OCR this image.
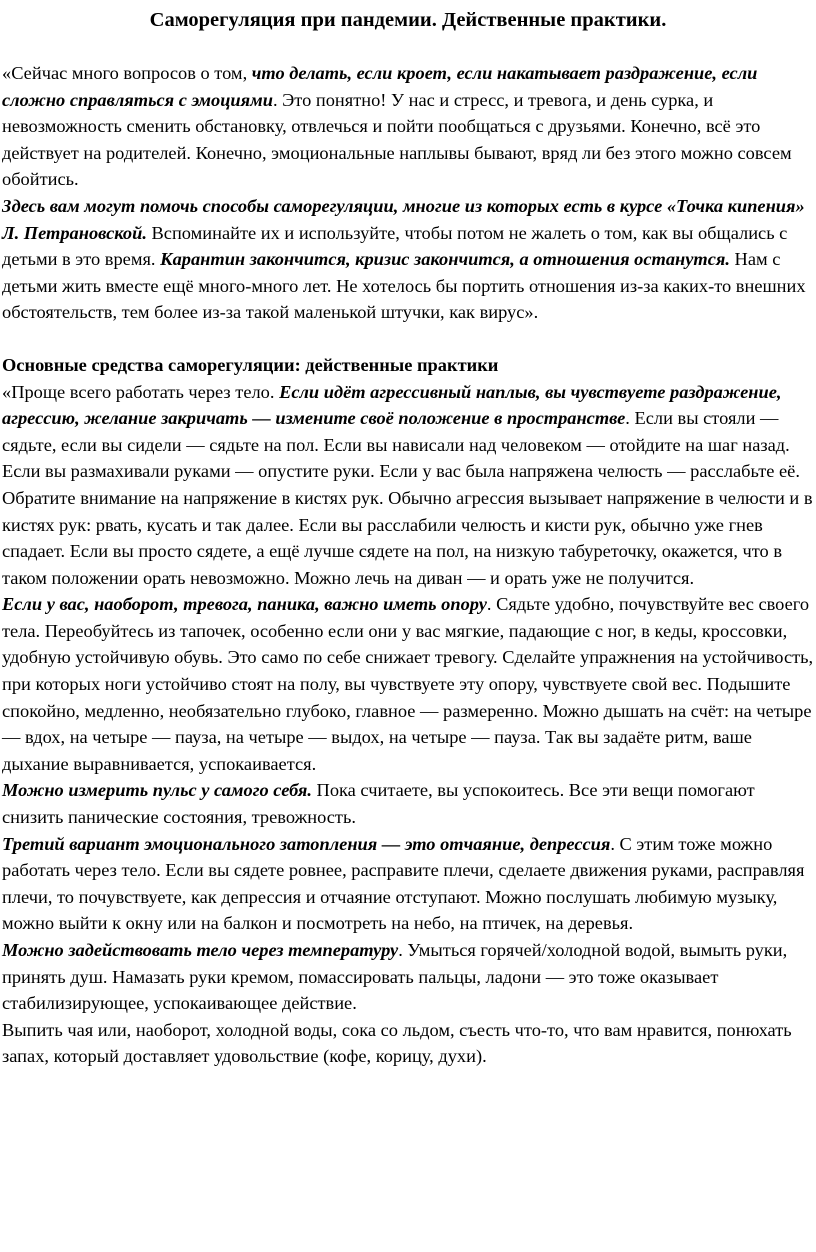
Саморегуляция при пандемии. Действенные практики.

«Сейчас много вопросов о том, что делать, если кроет, если накатывает раздражение, если сложно справляться с эмоциями. Это понятно! У нас и стресс, и тревога, и день сурка, и невозможность сменить обстановку, отвлечься и пойти пообщаться с друзьями. Конечно, всё это действует на родителей. Конечно, эмоциональные наплывы бывают, вряд ли без этого можно совсем обойтись.

Здесь вам могут помочь способы саморегуляции, многие из которых есть в курсе «Точка кипения» Л. Петрановской. Вспоминайте их и используйте, чтобы потом не жалеть о том, как вы общались с детьми в это время. Карантин закончится, кризис закончится, а отношения останутся. Нам с детьми жить вместе ещё много-много лет. Не хотелось бы портить отношения из-за каких-то внешних обстоятельств, тем более из-за такой маленькой штучки, как вирус».

Основные средства саморегуляции: действенные практики

«Проще всего работать через тело. Если идёт агрессивный наплыв, вы чувствуете раздражение, агрессию, желание закричать — измените своё положение в пространстве. Если вы стояли — сядьте, если вы сидели — сядьте на пол. Если вы нависали над человеком — отойдите на шаг назад. Если вы размахивали руками — опустите руки. Если у вас была напряжена челюсть — расслабьте её. Обратите внимание на напряжение в кистях рук. Обычно агрессия вызывает напряжение в челюсти и в кистях рук: рвать, кусать и так далее. Если вы расслабили челюсть и кисти рук, обычно уже гнев спадает. Если вы просто сядете, а ещё лучше сядете на пол, на низкую табуреточку, окажется, что в таком положении орать невозможно. Можно лечь на диван — и орать уже не получится.

Если у вас, наоборот, тревога, паника, важно иметь опору. Сядьте удобно, почувствуйте вес своего тела. Переобуйтесь из тапочек, особенно если они у вас мягкие, падающие с ног, в кеды, кроссовки, удобную устойчивую обувь. Это само по себе снижает тревогу. Сделайте упражнения на устойчивость, при которых ноги устойчиво стоят на полу, вы чувствуете эту опору, чувствуете свой вес. Подышите спокойно, медленно, необязательно глубоко, главное — размеренно. Можно дышать на счёт: на четыре — вдох, на четыре — пауза, на четыре — выдох, на четыре — пауза. Так вы задаёте ритм, ваше дыхание выравнивается, успокаивается.

Можно измерить пульс у самого себя. Пока считаете, вы успокоитесь. Все эти вещи помогают снизить панические состояния, тревожность.

Третий вариант эмоционального затопления — это отчаяние, депрессия. С этим тоже можно работать через тело. Если вы сядете ровнее, расправите плечи, сделаете движения руками, расправляя плечи, то почувствуете, как депрессия и отчаяние отступают. Можно послушать любимую музыку, можно выйти к окну или на балкон и посмотреть на небо, на птичек, на деревья.

Можно задействовать тело через температуру. Умыться горячей/холодной водой, вымыть руки, принять душ. Намазать руки кремом, помассировать пальцы, ладони — это тоже оказывает стабилизирующее, успокаивающее действие.

Выпить чая или, наоборот, холодной воды, сока со льдом, съесть что-то, что вам нравится, понюхать запах, который доставляет удовольствие (кофе, корицу, духи).
